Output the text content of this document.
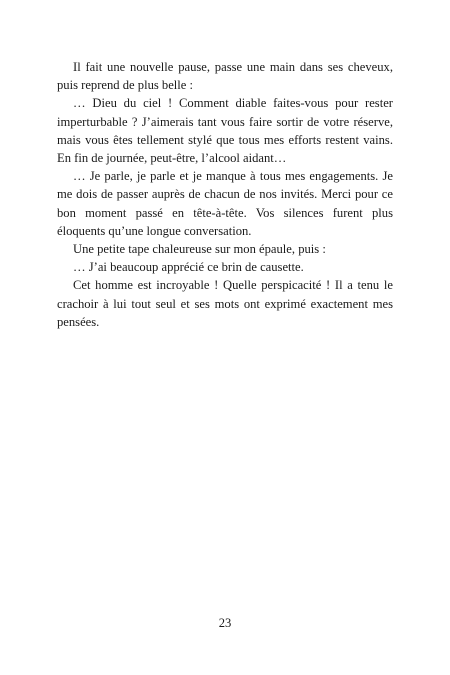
Il fait une nouvelle pause, passe une main dans ses cheveux, puis reprend de plus belle :

… Dieu du ciel ! Comment diable faites-vous pour rester imperturbable ? J’aimerais tant vous faire sortir de votre réserve, mais vous êtes tellement stylé que tous mes efforts restent vains. En fin de journée, peut-être, l’alcool aidant…

… Je parle, je parle et je manque à tous mes engagements. Je me dois de passer auprès de chacun de nos invités. Merci pour ce bon moment passé en tête-à-tête. Vos silences furent plus éloquents qu’une longue conversation.

Une petite tape chaleureuse sur mon épaule, puis :

… J’ai beaucoup apprécié ce brin de causette.

Cet homme est incroyable ! Quelle perspicacité ! Il a tenu le crachoir à lui tout seul et ses mots ont exprimé exactement mes pensées.

23
